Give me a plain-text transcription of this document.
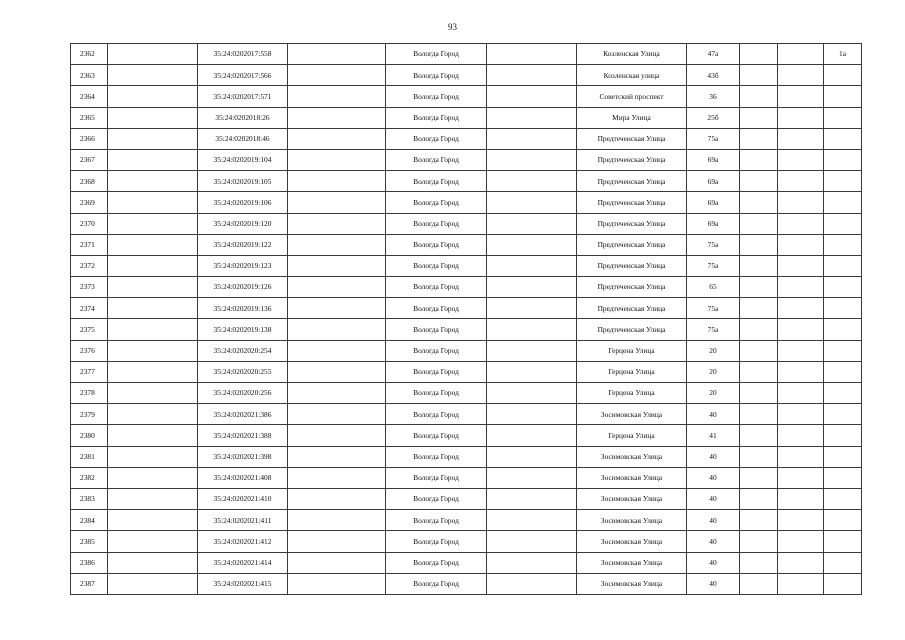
93
2362		35:24:0202017:558		Вологда Город		Козленская Улица	47а			1а
2363		35:24:0202017:566		Вологда Город		Козленская улица	43б			
2364		35:24:0202017:571		Вологда Город		Советский проспект	36			
2365		35:24:0202018:26		Вологда Город		Мира Улица	25б			
2366		35:24:0202018:46		Вологда Город		Предтеченская Улица	75а			
2367		35:24:0202019:104		Вологда Город		Предтеченская Улица	69а			
2368		35:24:0202019:105		Вологда Город		Предтеченская Улица	69а			
2369		35:24:0202019:106		Вологда Город		Предтеченская Улица	69а			
2370		35:24:0202019:120		Вологда Город		Предтеченская Улица	69а			
2371		35:24:0202019:122		Вологда Город		Предтеченская Улица	75а			
2372		35:24:0202019:123		Вологда Город		Предтеченская Улица	75а			
2373		35:24:0202019:126		Вологда Город		Предтеченская Улица	65			
2374		35:24:0202019:136		Вологда Город		Предтеченская Улица	75а			
2375		35:24:0202019:138		Вологда Город		Предтеченская Улица	75а			
2376		35:24:0202020:254		Вологда Город		Герцена Улица	20			
2377		35:24:0202020:255		Вологда Город		Герцена Улица	20			
2378		35:24:0202020:256		Вологда Город		Герцена Улица	20			
2379		35:24:0202021:386		Вологда Город		Зосимовская Улица	40			
2380		35:24:0202021:388		Вологда Город		Герцена Улица	41			
2381		35:24:0202021:398		Вологда Город		Зосимовская Улица	40			
2382		35:24:0202021:408		Вологда Город		Зосимовская Улица	40			
2383		35:24:0202021:410		Вологда Город		Зосимовская Улица	40			
2384		35:24:0202021:411		Вологда Город		Зосимовская Улица	40			
2385		35:24:0202021:412		Вологда Город		Зосимовская Улица	40			
2386		35:24:0202021:414		Вологда Город		Зосимовская Улица	40			
2387		35:24:0202021:415		Вологда Город		Зосимовская Улица	40			
